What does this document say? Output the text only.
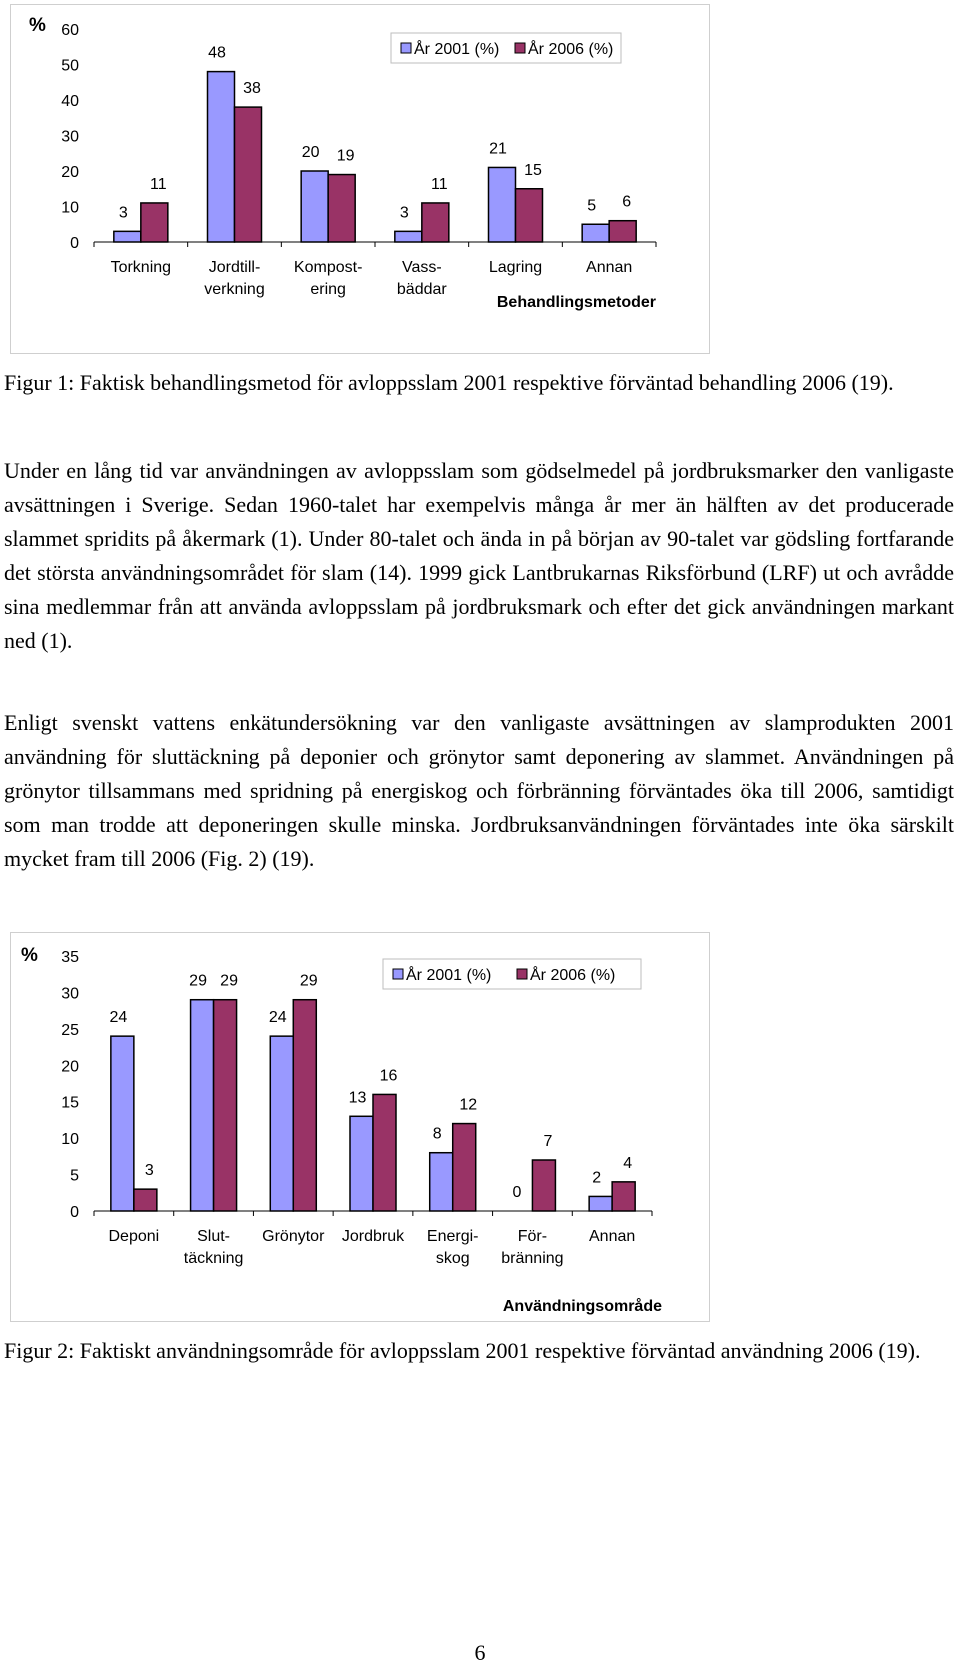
%
0
10
20
30
40
50
60
3
11
Torkning
48
38
Jordtill-
verkning
20 19
Kompost-
ering
3
11
Vass-
bäddar
21
15
Lagring
5 6
Annan
År 2001 (%) År 2006 (%)
Behandlingsmetoder

Figur 1: Faktisk behandlingsmetod för avloppsslam 2001 respektive förväntad behandling 2006 (19).

Under en lång tid var användningen av avloppsslam som gödselmedel på jordbruksmarker den vanligaste avsättningen i Sverige. Sedan 1960-talet har exempelvis många år mer än hälften av det producerade slammet spridits på åkermark (1). Under 80-talet och ända in på början av 90-talet var gödsling fortfarande det största användningsområdet för slam (14). 1999 gick Lantbrukarnas Riksförbund (LRF) ut och avrådde sina medlemmar från att använda avloppsslam på jordbruksmark och efter det gick användningen markant ned (1).

Enligt svenskt vattens enkätundersökning var den vanligaste avsättningen av slamprodukten 2001 användning för sluttäckning på deponier och grönytor samt deponering av slammet. Användningen på grönytor tillsammans med spridning på energiskog och förbränning förväntades öka till 2006, samtidigt som man trodde att deponeringen skulle minska. Jordbruksanvändningen förväntades inte öka särskilt mycket fram till 2006 (Fig. 2) (19).

%
0
5
10
15
20
25
30
35
24
3
Deponi
29 29
Slut-
täckning
24
29
Grönytor
13
16
Jordbruk
8
12
Energi-
skog
0
7
För-
bränning
2
4
Annan
År 2001 (%) År 2006 (%)
Användningsområde

Figur 2: Faktiskt användningsområde för avloppsslam 2001 respektive förväntad användning 2006 (19).

6
